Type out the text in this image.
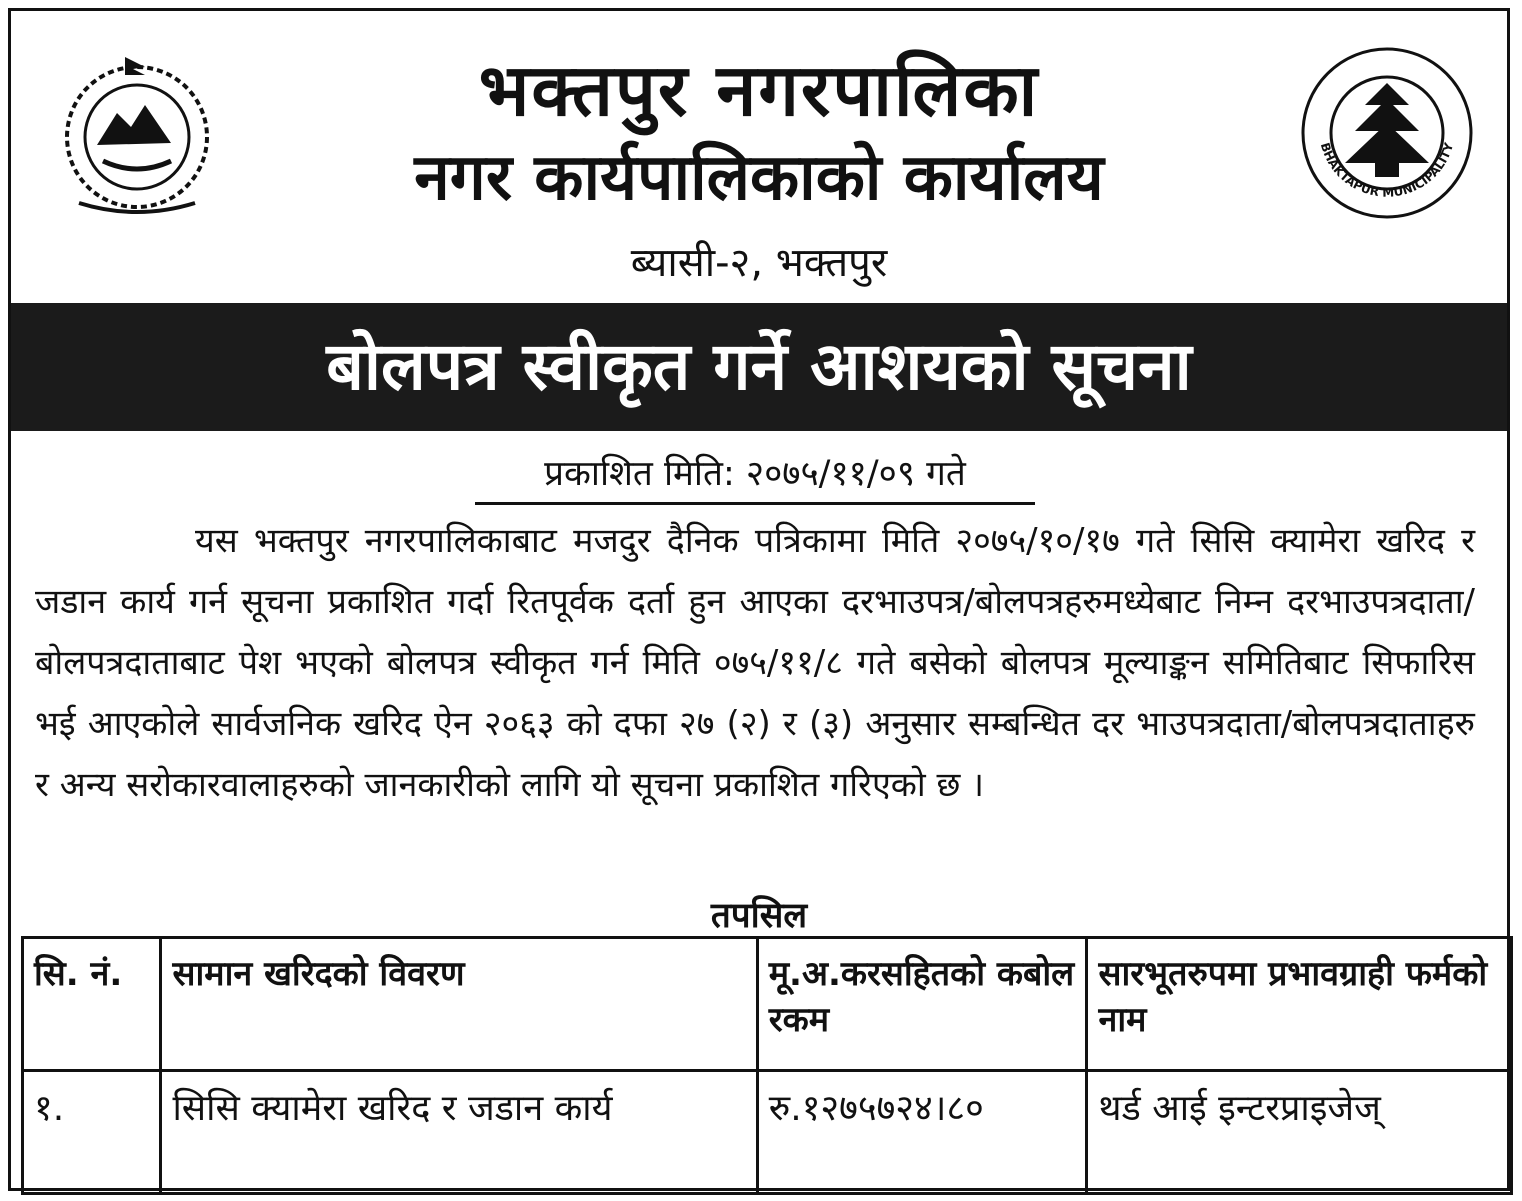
भक्तपुर नगरपालिका
नगर कार्यपालिकाको कार्यालय
ब्यासी-२, भक्तपुर
BHAKTAPUR MUNICIPALITY
बोलपत्र स्वीकृत गर्ने आशयको सूचना
प्रकाशित मिति: २०७५/११/०९ गते
यस भक्तपुर नगरपालिकाबाट मजदुर दैनिक पत्रिकामा मिति २०७५/१०/१७ गते सिसि क्यामेरा खरिद र जडान कार्य गर्न सूचना प्रकाशित गर्दा रितपूर्वक दर्ता हुन आएका दरभाउपत्र/बोलपत्रहरुमध्येबाट निम्न दरभाउपत्रदाता/बोलपत्रदाताबाट पेश भएको बोलपत्र स्वीकृत गर्न मिति ०७५/११/८ गते बसेको बोलपत्र मूल्याङ्कन समितिबाट सिफारिस भई आएकोले सार्वजनिक खरिद ऐन २०६३ को दफा २७ (२) र (३) अनुसार सम्बन्धित दर भाउपत्रदाता/बोलपत्रदाताहरु र अन्य सरोकारवालाहरुको जानकारीको लागि यो सूचना प्रकाशित गरिएको छ ।
तपसिल
सि. नं.	सामान खरिदको विवरण	मू.अ.करसहितको कबोल रकम	सारभूतरुपमा प्रभावग्राही फर्मको नाम
१.	सिसि क्यामेरा खरिद र जडान कार्य	रु.१२७५७२४।८०	थर्ड आई इन्टरप्राइजेज्
